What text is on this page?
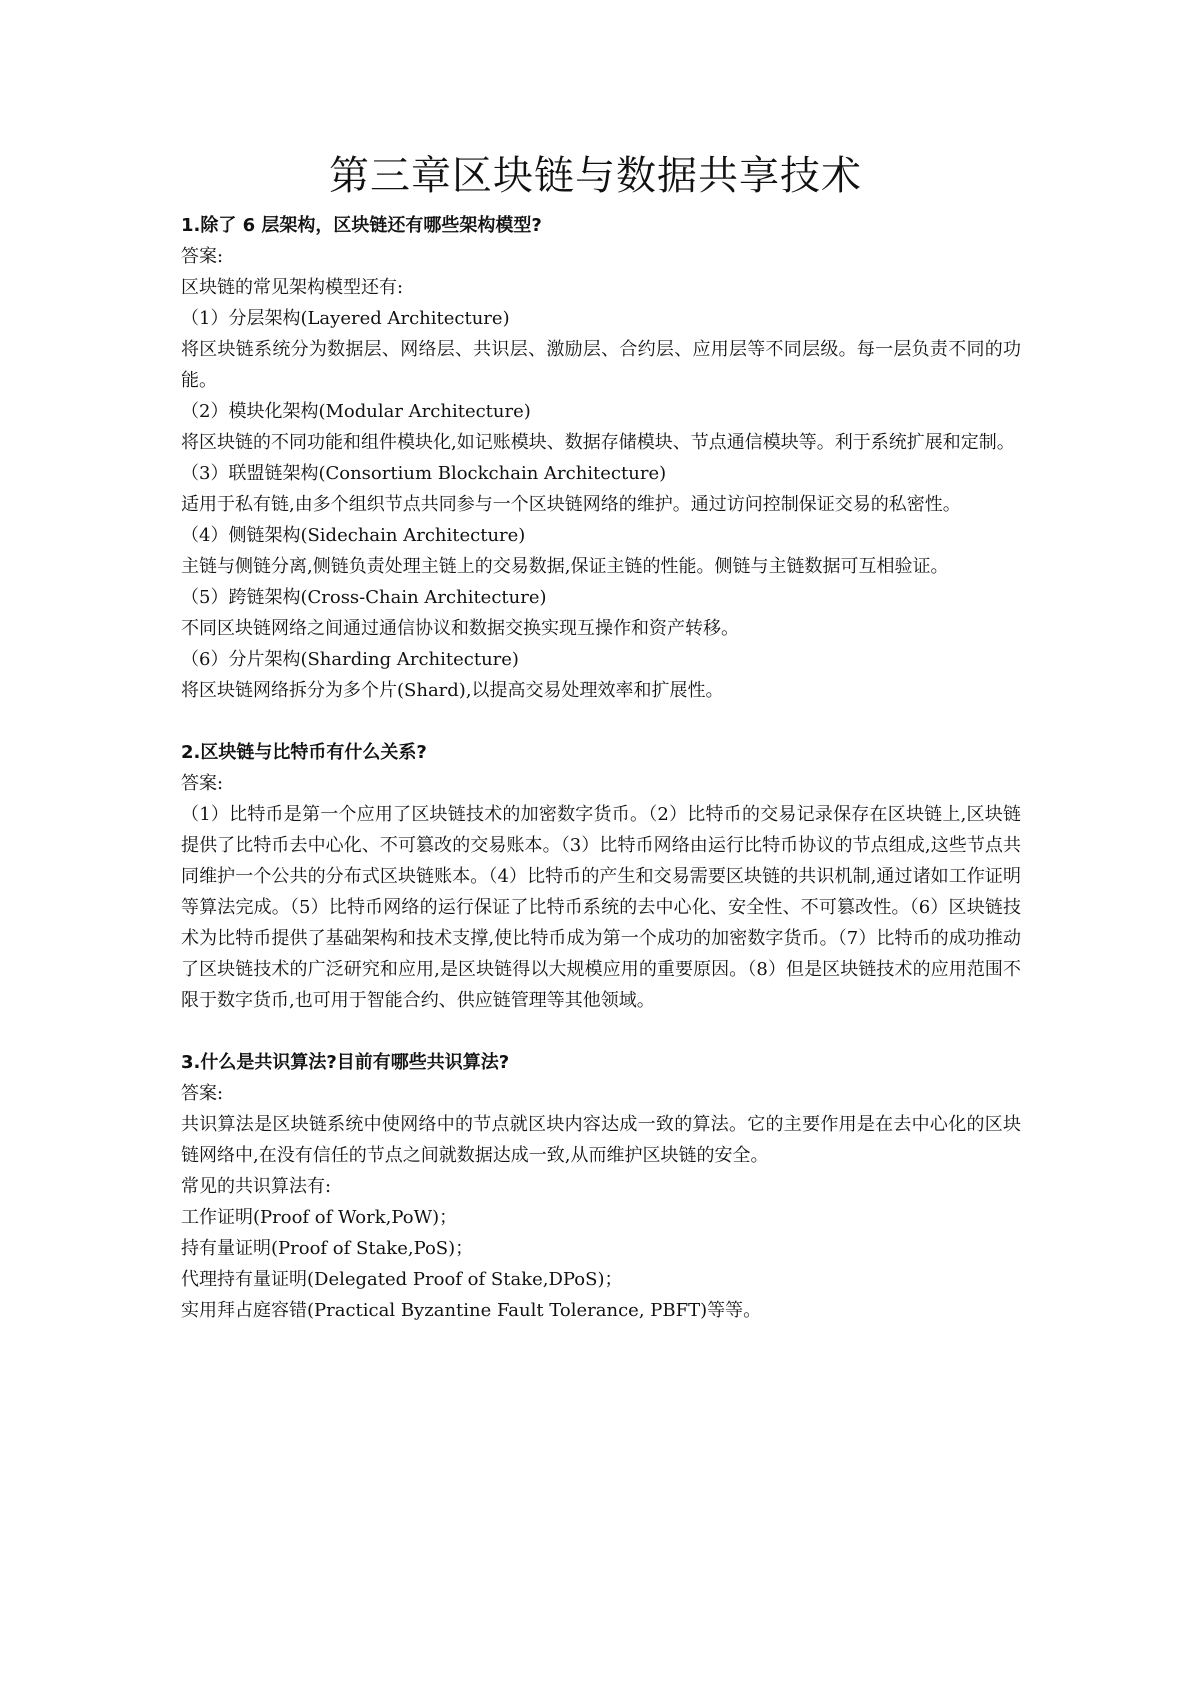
第三章区块链与数据共享技术

1.除了 6 层架构，区块链还有哪些架构模型?

答案:

区块链的常见架构模型还有:

（1）分层架构(Layered Architecture)

将区块链系统分为数据层、网络层、共识层、激励层、合约层、应用层等不同层级。每一层负责不同的功能。

（2）模块化架构(Modular Architecture)

将区块链的不同功能和组件模块化,如记账模块、数据存储模块、节点通信模块等。利于系统扩展和定制。

（3）联盟链架构(Consortium Blockchain Architecture)

适用于私有链,由多个组织节点共同参与一个区块链网络的维护。通过访问控制保证交易的私密性。

（4）侧链架构(Sidechain Architecture)

主链与侧链分离,侧链负责处理主链上的交易数据,保证主链的性能。侧链与主链数据可互相验证。

（5）跨链架构(Cross-Chain Architecture)

不同区块链网络之间通过通信协议和数据交换实现互操作和资产转移。

（6）分片架构(Sharding Architecture)

将区块链网络拆分为多个片(Shard),以提高交易处理效率和扩展性。

2.区块链与比特币有什么关系?

答案:

（1）比特币是第一个应用了区块链技术的加密数字货币。（2）比特币的交易记录保存在区块链上,区块链提供了比特币去中心化、不可篡改的交易账本。（3）比特币网络由运行比特币协议的节点组成,这些节点共同维护一个公共的分布式区块链账本。（4）比特币的产生和交易需要区块链的共识机制,通过诸如工作证明等算法完成。（5）比特币网络的运行保证了比特币系统的去中心化、安全性、不可篡改性。（6）区块链技术为比特币提供了基础架构和技术支撑,使比特币成为第一个成功的加密数字货币。（7）比特币的成功推动了区块链技术的广泛研究和应用,是区块链得以大规模应用的重要原因。（8）但是区块链技术的应用范围不限于数字货币,也可用于智能合约、供应链管理等其他领域。

3.什么是共识算法?目前有哪些共识算法?

答案:

共识算法是区块链系统中使网络中的节点就区块内容达成一致的算法。它的主要作用是在去中心化的区块链网络中,在没有信任的节点之间就数据达成一致,从而维护区块链的安全。

常见的共识算法有:

工作证明(Proof of Work,PoW)；

持有量证明(Proof of Stake,PoS)；

代理持有量证明(Delegated Proof of Stake,DPoS)；

实用拜占庭容错(Practical Byzantine Fault Tolerance, PBFT)等等。
